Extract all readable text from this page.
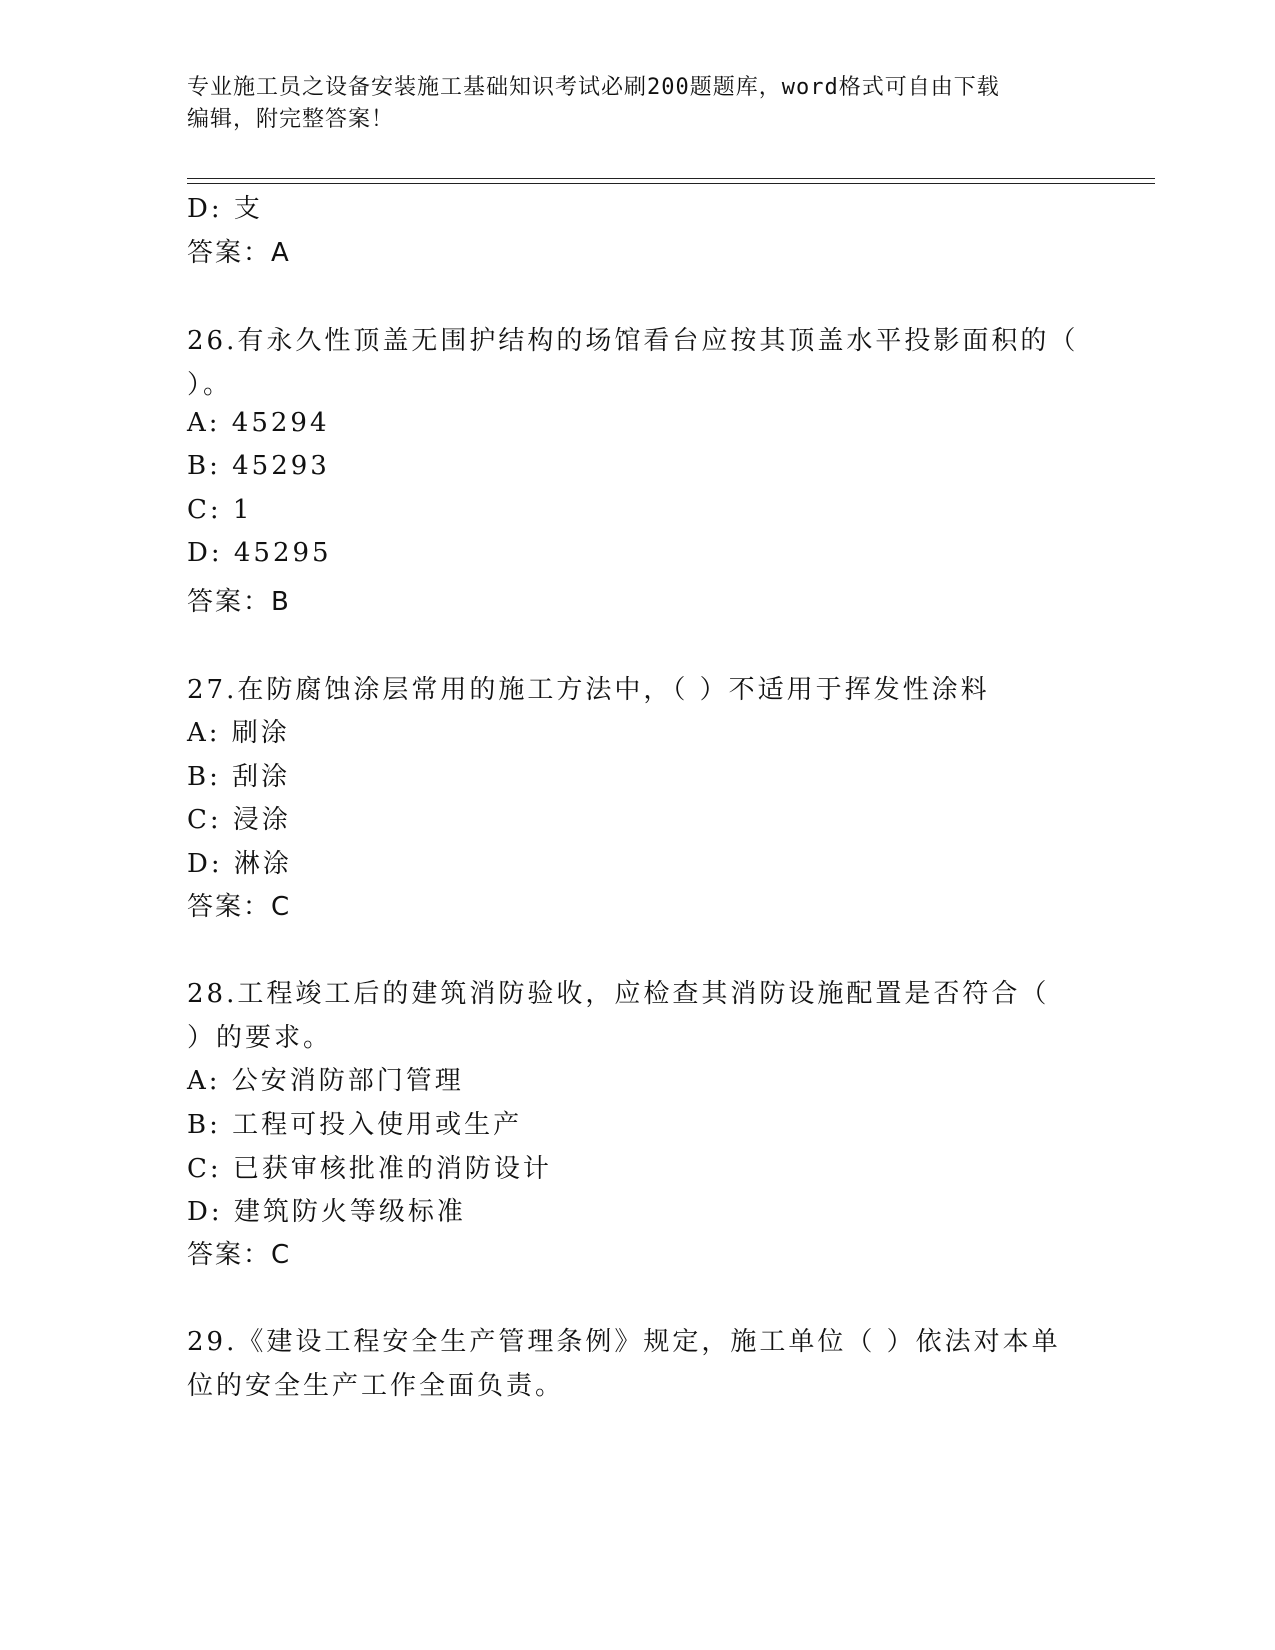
专业施工员之设备安装施工基础知识考试必刷200题题库，word格式可自由下载
编辑，附完整答案！
D: 支
答案：A
26.有永久性顶盖无围护结构的场馆看台应按其顶盖水平投影面积的（
）。
A: 45294
B: 45293
C: 1
D: 45295
答案：B
27.在防腐蚀涂层常用的施工方法中，（ ）不适用于挥发性涂料
A: 刷涂
B: 刮涂
C: 浸涂
D: 淋涂
答案：C
28.工程竣工后的建筑消防验收，应检查其消防设施配置是否符合（
）的要求。
A: 公安消防部门管理
B: 工程可投入使用或生产
C: 已获审核批准的消防设计
D: 建筑防火等级标准
答案：C
29.《建设工程安全生产管理条例》规定，施工单位（ ）依法对本单
位的安全生产工作全面负责。
